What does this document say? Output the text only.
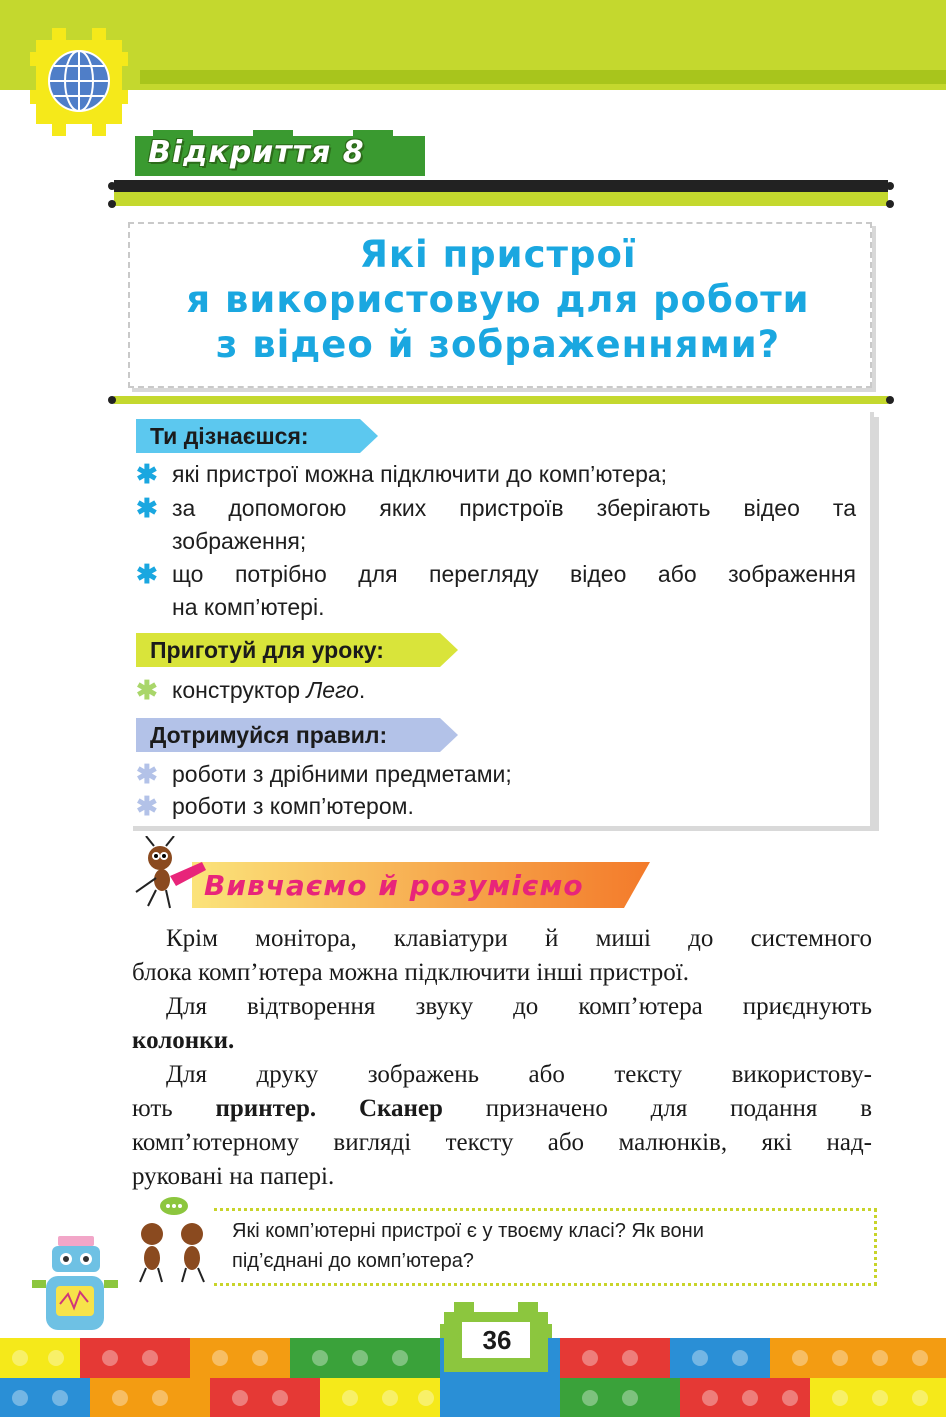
Відкриття 8
Які пристрої
я використовую для роботи
з відео й зображеннями?
Ти дізнаєшся:
✱ які пристрої можна підключити до комп’ютера;
✱ за допомогою яких пристроїв зберігають відео та
зображення;
✱ що потрібно для перегляду відео або зображення
на комп’ютері.
Приготуй для уроку:
✱ конструктор Лего.
Дотримуйся правил:
✱ роботи з дрібними предметами;
✱ роботи з комп’ютером.
Вивчаємо й розуміємо
Крім монітора, клавіатури й миші до системного
блока комп’ютера можна підключити інші пристрої.
Для відтворення звуку до комп’ютера приєднують
колонки.
Для друку зображень або тексту використову-
ють принтер. Сканер призначено для подання в
комп’ютерному вигляді тексту або малюнків, які над-
руковані на папері.
Які комп’ютерні пристрої є у твоєму класі? Як вони
під’єднані до комп’ютера?
36
